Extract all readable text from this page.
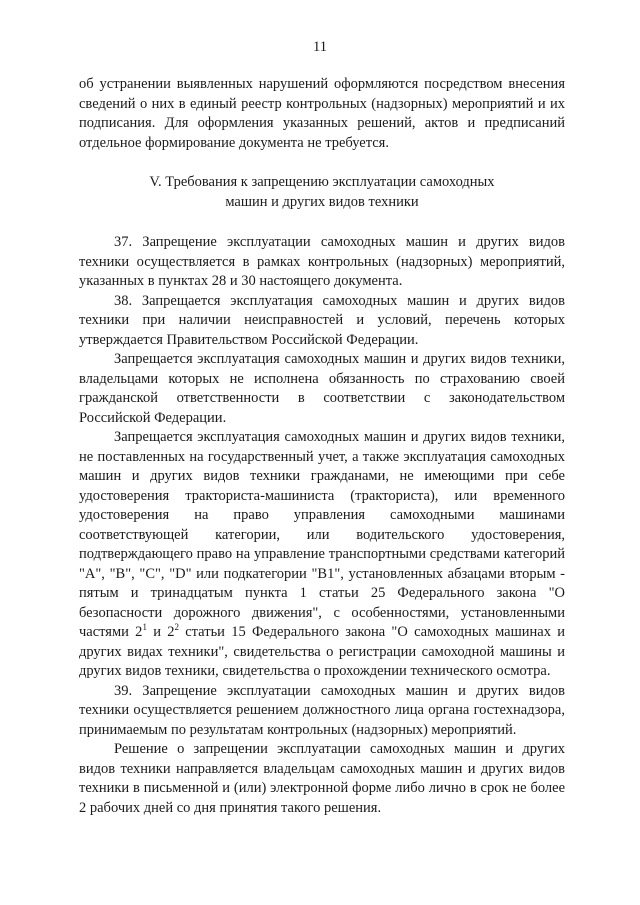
11

об устранении выявленных нарушений оформляются посредством внесения сведений о них в единый реестр контрольных (надзорных) мероприятий и их подписания. Для оформления указанных решений, актов и предписаний отдельное формирование документа не требуется.

V. Требования к запрещению эксплуатации самоходных
машин и других видов техники

37. Запрещение эксплуатации самоходных машин и других видов техники осуществляется в рамках контрольных (надзорных) мероприятий, указанных в пунктах 28 и 30 настоящего документа.

38. Запрещается эксплуатация самоходных машин и других видов техники при наличии неисправностей и условий, перечень которых утверждается Правительством Российской Федерации.

Запрещается эксплуатация самоходных машин и других видов техники, владельцами которых не исполнена обязанность по страхованию своей гражданской ответственности в соответствии с законодательством Российской Федерации.

Запрещается эксплуатация самоходных машин и других видов техники, не поставленных на государственный учет, а также эксплуатация самоходных машин и других видов техники гражданами, не имеющими при себе удостоверения тракториста-машиниста (тракториста), или временного удостоверения на право управления самоходными машинами соответствующей категории, или водительского удостоверения, подтверждающего право на управление транспортными средствами категорий "A", "B", "C", "D" или подкатегории "B1", установленных абзацами вторым - пятым и тринадцатым пункта 1 статьи 25 Федерального закона "О безопасности дорожного движения", с особенностями, установленными частями $2^1$ и $2^2$ статьи 15 Федерального закона "О самоходных машинах и других видах техники", свидетельства о регистрации самоходной машины и других видов техники, свидетельства о прохождении технического осмотра.

39. Запрещение эксплуатации самоходных машин и других видов техники осуществляется решением должностного лица органа гостехнадзора, принимаемым по результатам контрольных (надзорных) мероприятий.

Решение о запрещении эксплуатации самоходных машин и других видов техники направляется владельцам самоходных машин и других видов техники в письменной и (или) электронной форме либо лично в срок не более 2 рабочих дней со дня принятия такого решения.
